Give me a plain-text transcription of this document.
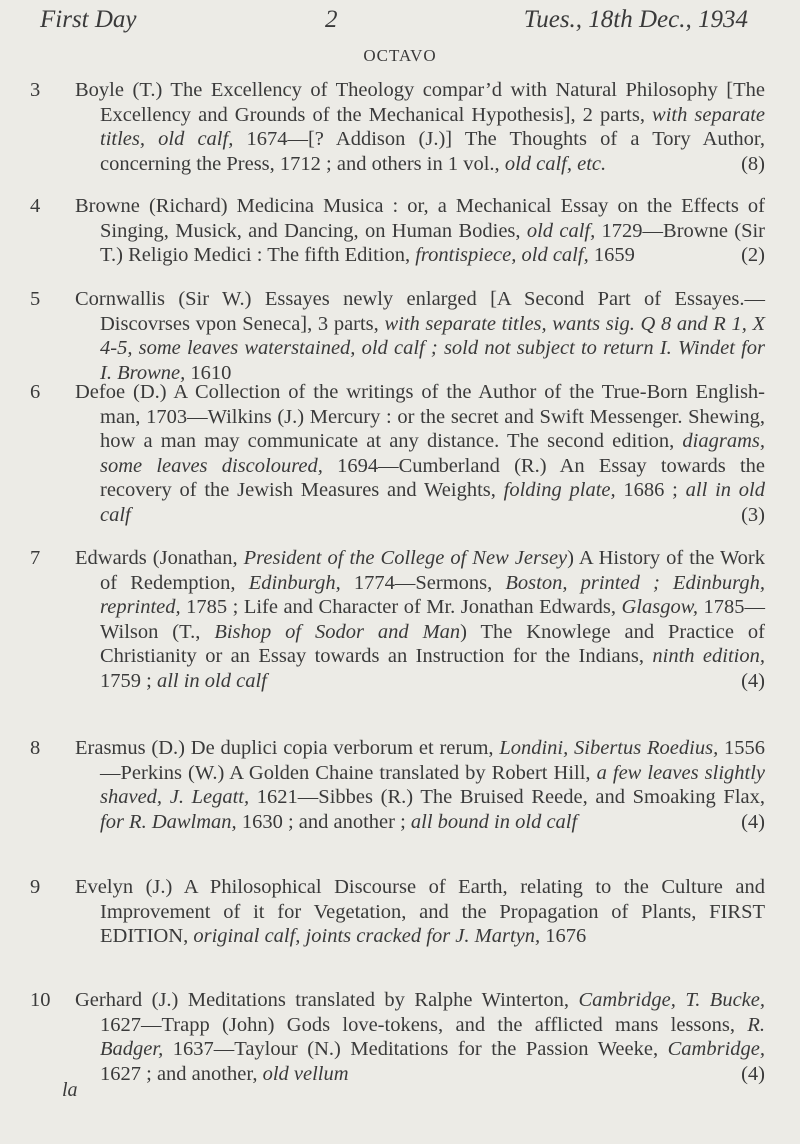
First Day	2	Tues., 18th Dec., 1934
OCTAVO
3	Boyle (T.) The Excellency of Theology compar’d with Natural Philosophy [The Excellency and Grounds of the Mechanical Hypothesis], 2 parts, with separate titles, old calf, 1674—[? Addison (J.)] The Thoughts of a Tory Author, concerning the Press, 1712 ; and others in 1 vol., old calf, etc.	(8)
4	Browne (Richard) Medicina Musica : or, a Mechanical Essay on the Effects of Singing, Musick, and Dancing, on Human Bodies, old calf, 1729—Browne (Sir T.) Religio Medici : The fifth Edition, frontispiece, old calf, 1659	(2)
5	Cornwallis (Sir W.) Essayes newly enlarged [A Second Part of Essayes.—Discovrses vpon Seneca], 3 parts, with separate titles, wants sig. Q 8 and R 1, X 4-5, some leaves waterstained, old calf ; sold not subject to return I. Windet for I. Browne, 1610
6	Defoe (D.) A Collection of the writings of the Author of the True-Born English-man, 1703—Wilkins (J.) Mercury : or the secret and Swift Messenger. Shewing, how a man may communicate at any distance. The second edition, diagrams, some leaves discoloured, 1694—Cumberland (R.) An Essay towards the recovery of the Jewish Measures and Weights, folding plate, 1686 ; all in old calf	(3)
7	Edwards (Jonathan, President of the College of New Jersey) A History of the Work of Redemption, Edinburgh, 1774—Sermons, Boston, printed ; Edinburgh, reprinted, 1785 ; Life and Character of Mr. Jonathan Edwards, Glasgow, 1785—Wilson (T., Bishop of Sodor and Man) The Knowlege and Practice of Christianity or an Essay towards an Instruction for the Indians, ninth edition, 1759 ; all in old calf	(4)
8	Erasmus (D.) De duplici copia verborum et rerum, Londini, Sibertus Roedius, 1556—Perkins (W.) A Golden Chaine translated by Robert Hill, a few leaves slightly shaved, J. Legatt, 1621—Sibbes (R.) The Bruised Reede, and Smoaking Flax, for R. Dawlman, 1630 ; and another ; all bound in old calf	(4)
9	Evelyn (J.) A Philosophical Discourse of Earth, relating to the Culture and Improvement of it for Vegetation, and the Propagation of Plants, FIRST EDITION, original calf, joints cracked for J. Martyn, 1676
10	Gerhard (J.) Meditations translated by Ralphe Winterton, Cambridge, T. Bucke, 1627—Trapp (John) Gods love-tokens, and the afflicted mans lessons, R. Badger, 1637—Taylour (N.) Meditations for the Passion Weeke, Cambridge, 1627 ; and another, old vellum	(4)
la
